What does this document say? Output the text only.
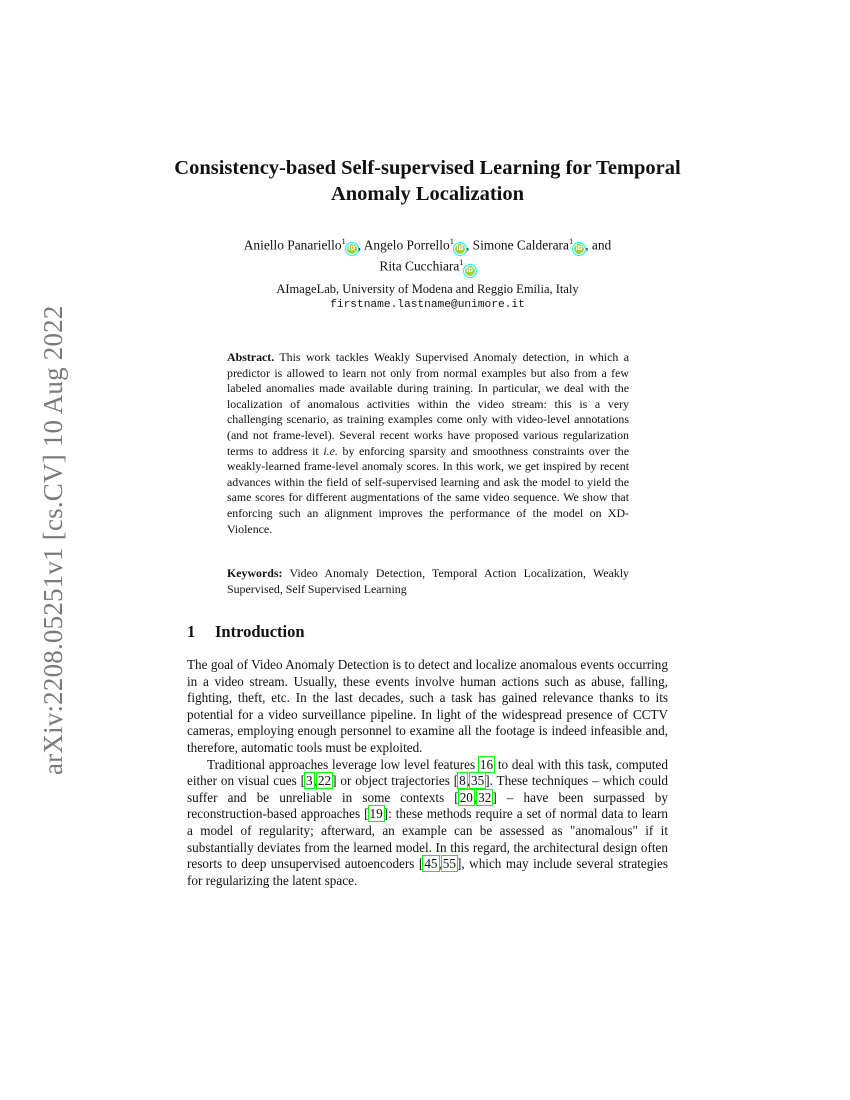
arXiv:2208.05251v1 [cs.CV] 10 Aug 2022
Consistency-based Self-supervised Learning for Temporal Anomaly Localization
Aniello Panariello$^1$iD , Angelo Porrello$^1$iD , Simone Calderara$^1$iD , and
Rita Cucchiara$^1$iD
AImageLab, University of Modena and Reggio Emilia, Italy
firstname.lastname@unimore.it
Abstract. This work tackles Weakly Supervised Anomaly detection, in which a predictor is allowed to learn not only from normal examples but also from a few labeled anomalies made available during training. In particular, we deal with the localization of anomalous activities within the video stream: this is a very challenging scenario, as training examples come only with video-level annotations (and not frame-level). Several recent works have proposed various regularization terms to address it i.e. by enforcing sparsity and smoothness constraints over the weakly-learned frame-level anomaly scores. In this work, we get inspired by recent advances within the field of self-supervised learning and ask the model to yield the same scores for different augmentations of the same video sequence. We show that enforcing such an alignment improves the performance of the model on XD-Violence.
Keywords: Video Anomaly Detection, Temporal Action Localization, Weakly Supervised, Self Supervised Learning
1 Introduction

The goal of Video Anomaly Detection is to detect and localize anomalous events occurring in a video stream. Usually, these events involve human actions such as abuse, falling, fighting, theft, etc. In the last decades, such a task has gained relevance thanks to its potential for a video surveillance pipeline. In light of the widespread presence of CCTV cameras, employing enough personnel to examine all the footage is indeed infeasible and, therefore, automatic tools must be exploited.

Traditional approaches leverage low level features 16 to deal with this task, computed either on visual cues [3,22] or object trajectories [8,35]. These techniques – which could suffer and be unreliable in some contexts [20,32] – have been surpassed by reconstruction-based approaches [19]: these methods require a set of normal data to learn a model of regularity; afterward, an example can be assessed as "anomalous" if it substantially deviates from the learned model. In this regard, the architectural design often resorts to deep unsupervised autoencoders [45,55], which may include several strategies for regularizing the latent space.
